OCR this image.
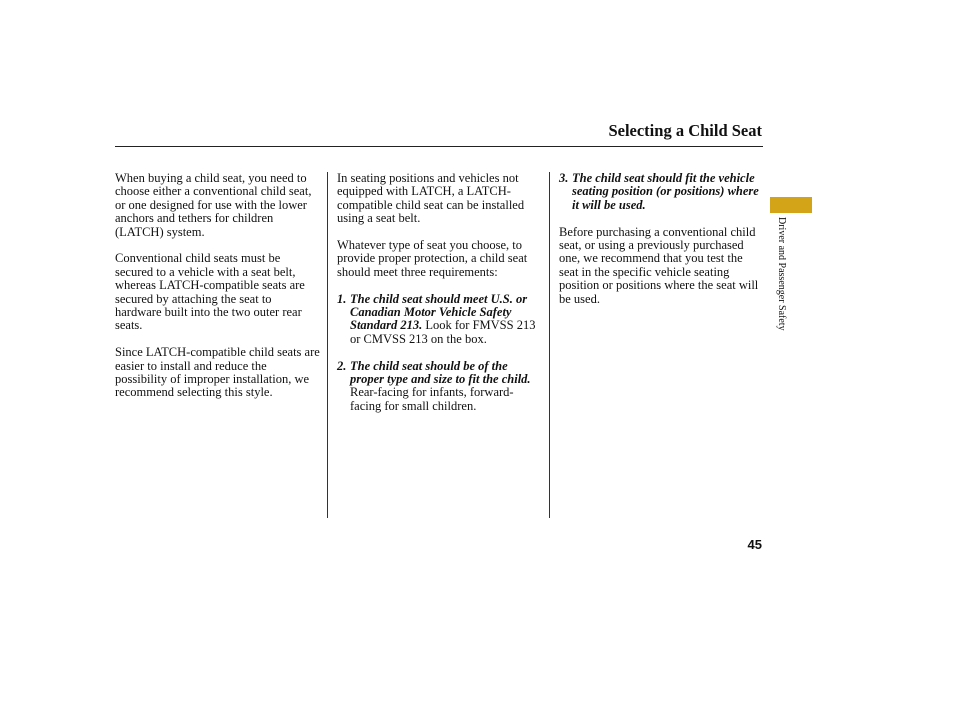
Selecting a Child Seat

When buying a child seat, you need to choose either a conventional child seat, or one designed for use with the lower anchors and tethers for children (LATCH) system.

Conventional child seats must be secured to a vehicle with a seat belt, whereas LATCH-compatible seats are secured by attaching the seat to hardware built into the two outer rear seats.

Since LATCH-compatible child seats are easier to install and reduce the possibility of improper installation, we recommend selecting this style.

In seating positions and vehicles not equipped with LATCH, a LATCH-compatible child seat can be installed using a seat belt.

Whatever type of seat you choose, to provide proper protection, a child seat should meet three requirements:

1. The child seat should meet U.S. or Canadian Motor Vehicle Safety Standard 213. Look for FMVSS 213 or CMVSS 213 on the box.
2. The child seat should be of the proper type and size to fit the child. Rear-facing for infants, forward-facing for small children.
3. The child seat should fit the vehicle seating position (or positions) where it will be used.

Before purchasing a conventional child seat, or using a previously purchased one, we recommend that you test the seat in the specific vehicle seating position or positions where the seat will be used.	Driver and Passenger Safety
45
